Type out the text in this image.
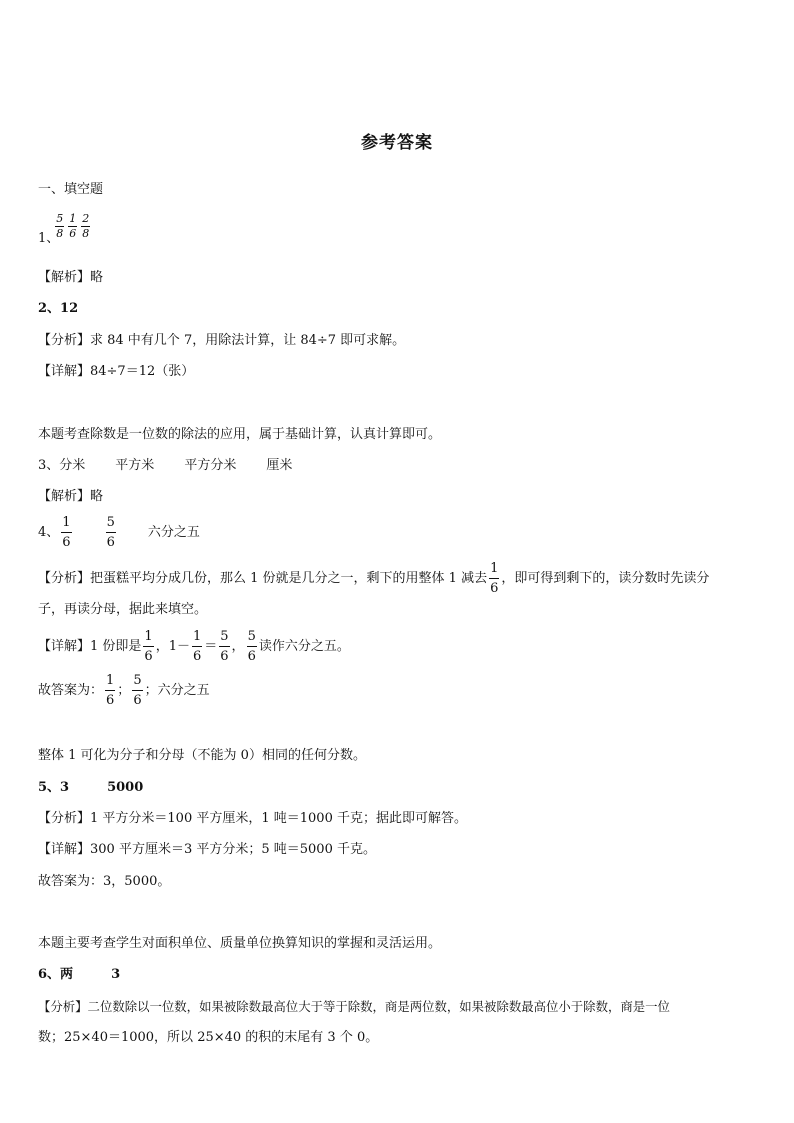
参考答案
一、填空题
1、
$\frac{5}{8} \frac{1}{6} \frac{2}{8}$
【解析】略
2、12
【分析】求 84 中有几个 7，用除法计算，让 84÷7 即可求解。
【详解】84÷7＝12（张）
本题考查除数是一位数的除法的应用，属于基础计算，认真计算即可。
3、分米 平方米 平方分米 厘米
【解析】略
4、 $\frac{1}{6}$	$\frac{5}{6}$ 六分之五
【分析】把蛋糕平均分成几份，那么 1 份就是几分之一，剩下的用整体 1 减去 $\frac{1}{6}$ ，即可得到剩下的，读分数时先读分
子，再读分母，据此来填空。
【详解】1 份即是 $\frac{1}{6}$ ，$1- \frac{1}{6} = \frac{5}{6}$ ， $\frac{5}{6}$ 读作六分之五。
故答案为： $\frac{1}{6}$ ； $\frac{5}{6}$ ；六分之五
整体 1 可化为分子和分母（不能为 0）相同的任何分数。
5、3	5000
【分析】1 平方分米＝100 平方厘米，1 吨＝1000 千克；据此即可解答。
【详解】300 平方厘米＝3 平方分米；5 吨＝5000 千克。
故答案为：3，5000。
本题主要考查学生对面积单位、质量单位换算知识的掌握和灵活运用。
6、两	3
【分析】二位数除以一位数，如果被除数最高位大于等于除数，商是两位数，如果被除数最高位小于除数，商是一位
数；25×40＝1000，所以 25×40 的积的末尾有 3 个 0。
